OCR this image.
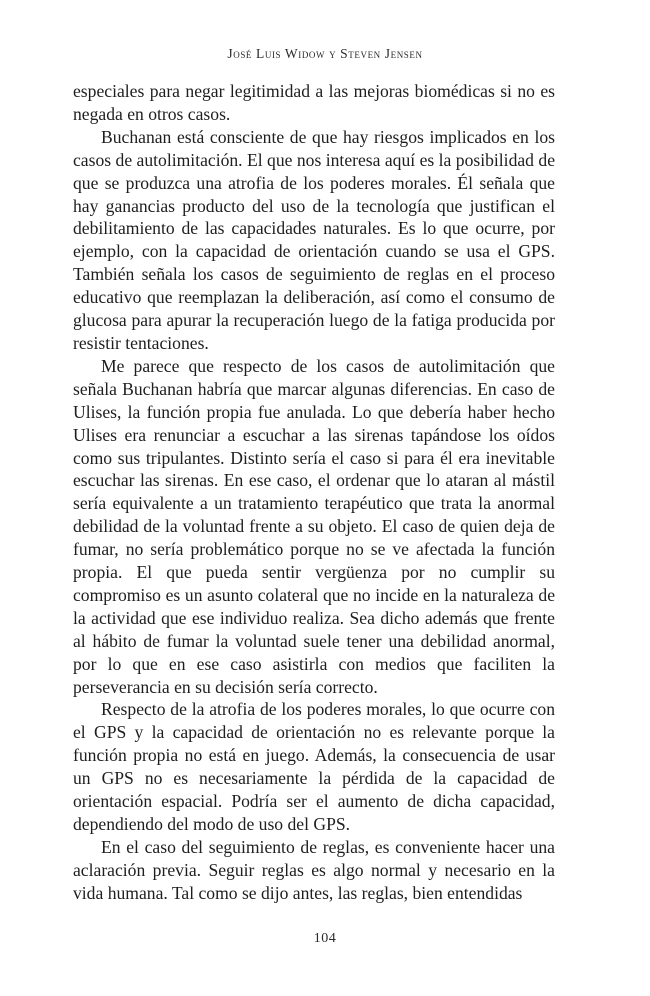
José Luis Widow y Steven Jensen

especiales para negar legitimidad a las mejoras biomédicas si no es negada en otros casos.

Buchanan está consciente de que hay riesgos implicados en los casos de autolimitación. El que nos interesa aquí es la posibilidad de que se produzca una atrofia de los poderes morales. Él señala que hay ganancias producto del uso de la tecnología que justifican el debilitamiento de las capacidades naturales. Es lo que ocurre, por ejemplo, con la capacidad de orientación cuando se usa el GPS. También señala los casos de seguimiento de reglas en el proceso educativo que reemplazan la deliberación, así como el consumo de glucosa para apurar la recuperación luego de la fatiga producida por resistir tentaciones.

Me parece que respecto de los casos de autolimitación que señala Buchanan habría que marcar algunas diferencias. En caso de Ulises, la función propia fue anulada. Lo que debería haber hecho Ulises era renunciar a escuchar a las sirenas tapándose los oídos como sus tripulantes. Distinto sería el caso si para él era inevitable escuchar las sirenas. En ese caso, el ordenar que lo ataran al mástil sería equivalente a un tratamiento terapéutico que trata la anormal debilidad de la voluntad frente a su objeto. El caso de quien deja de fumar, no sería problemático porque no se ve afectada la función propia. El que pueda sentir vergüenza por no cumplir su compromiso es un asunto colateral que no incide en la naturaleza de la actividad que ese individuo realiza. Sea dicho además que frente al hábito de fumar la voluntad suele tener una debilidad anormal, por lo que en ese caso asistirla con medios que faciliten la perseverancia en su decisión sería correcto.

Respecto de la atrofia de los poderes morales, lo que ocurre con el GPS y la capacidad de orientación no es relevante porque la función propia no está en juego. Además, la consecuencia de usar un GPS no es necesariamente la pérdida de la capacidad de orientación espacial. Podría ser el aumento de dicha capacidad, dependiendo del modo de uso del GPS.

En el caso del seguimiento de reglas, es conveniente hacer una aclaración previa. Seguir reglas es algo normal y necesario en la vida humana. Tal como se dijo antes, las reglas, bien entendidas

104
